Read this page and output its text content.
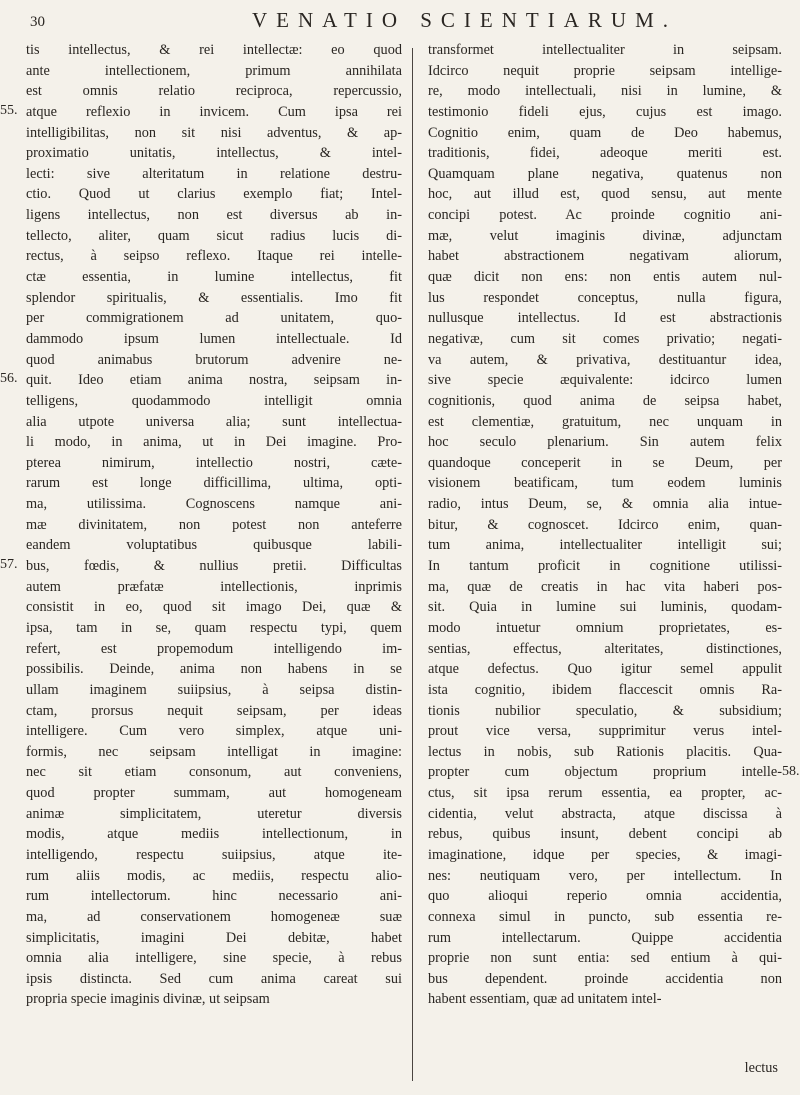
30	VENATIO SCIENTIARUM.
tis intellectus, & rei intellectæ: eo quod
ante intellectionem, primum annihilata
est omnis relatio reciproca, repercussio,
atque reflexio in invicem. Cum ipsa rei
intelligibilitas, non sit nisi adventus, & ap-
proximatio unitatis, intellectus, & intel-
lecti: sive alteritatum in relatione destru-
ctio. Quod ut clarius exemplo fiat; Intel-
ligens intellectus, non est diversus ab in-
tellecto, aliter, quam sicut radius lucis di-
rectus, à seipso reflexo. Itaque rei intelle-
ctæ essentia, in lumine intellectus, fit
splendor spiritualis, & essentialis. Imo fit
per commigrationem ad unitatem, quo-
dammodo ipsum lumen intellectuale. Id
quod animabus brutorum advenire ne-
quit. Ideo etiam anima nostra, seipsam in-
telligens, quodammodo intelligit omnia
alia utpote universa alia; sunt intellectua-
li modo, in anima, ut in Dei imagine. Pro-
pterea nimirum, intellectio nostri, cæte-
rarum est longe difficillima, ultima, opti-
ma, utilissima. Cognoscens namque ani-
mæ divinitatem, non potest non anteferre
eandem voluptatibus quibusque labili-
bus, fœdis, & nullius pretii. Difficultas
autem præfatæ intellectionis, inprimis
consistit in eo, quod sit imago Dei, quæ &
ipsa, tam in se, quam respectu typi, quem
refert, est propemodum intelligendo im-
possibilis. Deinde, anima non habens in se
ullam imaginem suiipsius, à seipsa distin-
ctam, prorsus nequit seipsam, per ideas
intelligere. Cum vero simplex, atque uni-
formis, nec seipsam intelligat in imagine:
nec sit etiam consonum, aut conveniens,
quod propter summam, aut homogeneam
animæ simplicitatem, uteretur diversis
modis, atque mediis intellectionum, in
intelligendo, respectu suiipsius, atque ite-
rum aliis modis, ac mediis, respectu alio-
rum intellectorum. hinc necessario ani-
ma, ad conservationem homogeneæ suæ
simplicitatis, imagini Dei debitæ, habet
omnia alia intelligere, sine specie, à rebus
ipsis distincta. Sed cum anima careat sui
propria specie imaginis divinæ, ut seipsam
transformet intellectualiter in seipsam.
Idcirco nequit proprie seipsam intellige-
re, modo intellectuali, nisi in lumine, &
testimonio fideli ejus, cujus est imago.
Cognitio enim, quam de Deo habemus,
traditionis, fidei, adeoque meriti est.
Quamquam plane negativa, quatenus non
hoc, aut illud est, quod sensu, aut mente
concipi potest. Ac proinde cognitio ani-
mæ, velut imaginis divinæ, adjunctam
habet abstractionem negativam aliorum,
quæ dicit non ens: non entis autem nul-
lus respondet conceptus, nulla figura,
nullusque intellectus. Id est abstractionis
negativæ, cum sit comes privatio; negati-
va autem, & privativa, destituantur idea,
sive specie æquivalente: idcirco lumen
cognitionis, quod anima de seipsa habet,
est clementiæ, gratuitum, nec unquam in
hoc seculo plenarium. Sin autem felix
quandoque conceperit in se Deum, per
visionem beatificam, tum eodem luminis
radio, intus Deum, se, & omnia alia intue-
bitur, & cognoscet. Idcirco enim, quan-
tum anima, intellectualiter intelligit sui;
In tantum proficit in cognitione utilissi-
ma, quæ de creatis in hac vita haberi pos-
sit. Quia in lumine sui luminis, quodam-
modo intuetur omnium proprietates, es-
sentias, effectus, alteritates, distinctiones,
atque defectus. Quo igitur semel appulit
ista cognitio, ibidem flaccescit omnis Ra-
tionis nubilior speculatio, & subsidium;
prout vice versa, supprimitur verus intel-
lectus in nobis, sub Rationis placitis. Qua-
propter cum objectum proprium intelle-
ctus, sit ipsa rerum essentia, ea propter, ac-
cidentia, velut abstracta, atque discissa à
rebus, quibus insunt, debent concipi ab
imaginatione, idque per species, & imagi-
nes: neutiquam vero, per intellectum. In
quo alioqui reperio omnia accidentia,
connexa simul in puncto, sub essentia re-
rum intellectarum. Quippe accidentia
proprie non sunt entia: sed entium à qui-
bus dependent. proinde accidentia non
habent essentiam, quæ ad unitatem intel-
55.
56.
57.
58.
lectus
